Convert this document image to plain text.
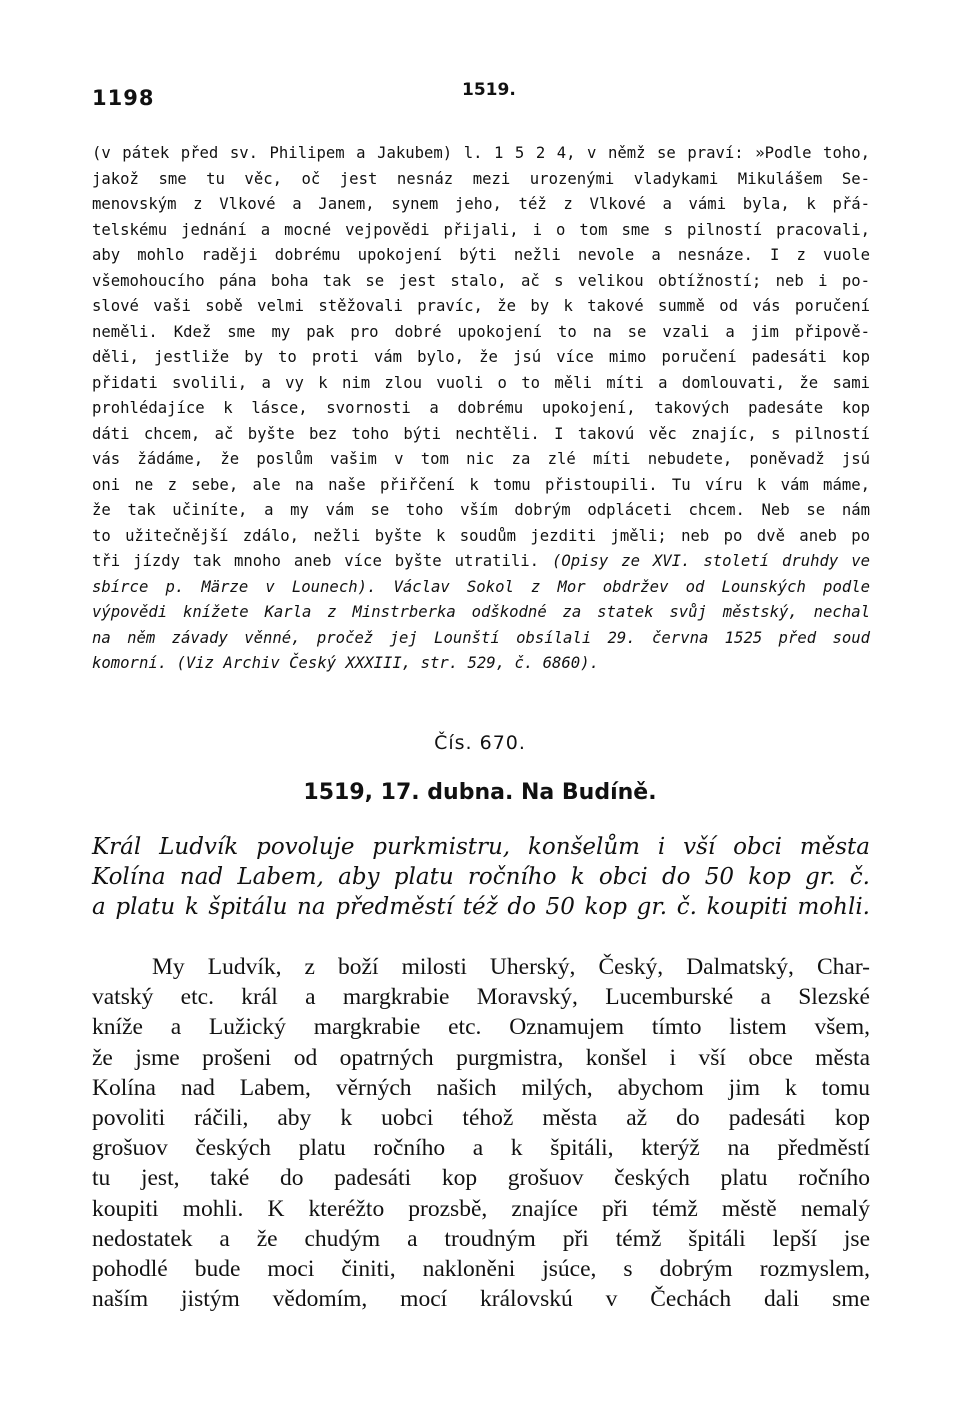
1198	1519.
(v pátek před sv. Philipem a Jakubem) l. 1 5 2 4, v němž se praví: »Podle toho,
jakož sme tu věc, oč jest nesnáz mezi urozenými vladykami Mikulášem Se-
menovským z Vlkové a Janem, synem jeho, též z Vlkové a vámi byla, k přá-
telskému jednání a mocné vejpovědi přijali, i o tom sme s pilností pracovali,
aby mohlo raději dobrému upokojení býti nežli nevole a nesnáze. I z vuole
všemohoucího pána boha tak se jest stalo, ač s velikou obtížností; neb i po-
slové vaši sobě velmi stěžovali pravíc, že by k takové summě od vás poručení
neměli. Kdež sme my pak pro dobré upokojení to na se vzali a jim připově-
děli, jestliže by to proti vám bylo, že jsú více mimo poručení padesáti kop
přidati svolili, a vy k nim zlou vuoli o to měli míti a domlouvati, že sami
prohlédajíce k lásce, svornosti a dobrému upokojení, takových padesáte kop
dáti chcem, ač byšte bez toho býti nechtěli. I takovú věc znajíc, s pilností
vás žádáme, že poslům vašim v tom nic za zlé míti nebudete, poněvadž jsú
oni ne z sebe, ale na naše přiřčení k tomu přistoupili. Tu víru k vám máme,
že tak učiníte, a my vám se toho vším dobrým odpláceti chcem. Neb se nám
to užitečnější zdálo, nežli byšte k soudům jezditi jměli; neb po dvě aneb po
tři jízdy tak mnoho aneb více byšte utratili. (Opisy ze XVI. století druhdy ve
sbírce p. Märze v Lounech). Václav Sokol z Mor obdržev od Lounských podle
výpovědi knížete Karla z Minstrberka odškodné za statek svůj městský, nechal
na něm závady věnné, pročež jej Lounští obsílali 29. června 1525 před soud
komorní. (Viz Archiv Český XXXIII, str. 529, č. 6860).
Čís. 670.
1519, 17. dubna. Na Budíně.
Král Ludvík povoluje purkmistru, konšelům i vší obci města
Kolína nad Labem, aby platu ročního k obci do 50 kop gr. č.
a platu k špitálu na předměstí též do 50 kop gr. č. koupiti mohli.
My Ludvík, z boží milosti Uherský, Český, Dalmatský, Char-
vatský etc. král a margkrabie Moravský, Lucemburské a Slezské
kníže a Lužický margkrabie etc. Oznamujem tímto listem všem,
že jsme prošeni od opatrných purgmistra, konšel i vší obce města
Kolína nad Labem, věrných našich milých, abychom jim k tomu
povoliti ráčili, aby k uobci téhož města až do padesáti kop
grošuov českých platu ročního a k špitáli, kterýž na předměstí
tu jest, také do padesáti kop grošuov českých platu ročního
koupiti mohli. K kteréžto prozsbě, znajíce při témž městě nemalý
nedostatek a že chudým a troudným při témž špitáli lepší jse
pohodlé bude moci činiti, nakloněni jsúce, s dobrým rozmyslem,
naším jistým vědomím, mocí královskú v Čechách dali sme
